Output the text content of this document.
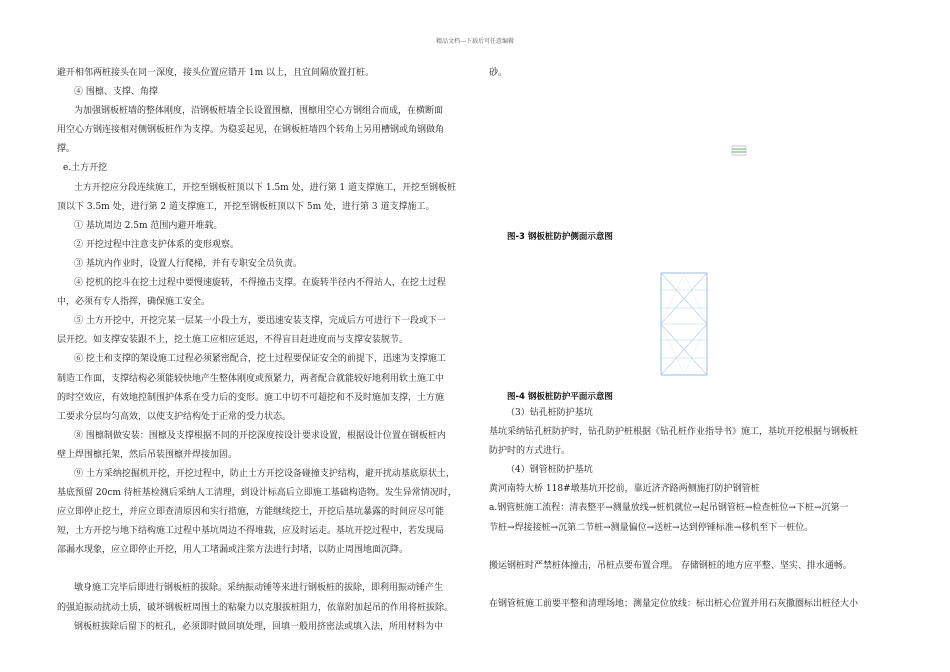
精品文档---下载后可任意编辑

避开相邻两桩接头在同一深度，接头位置应错开 1m 以上，且宜间隔放置打桩。

④ 围檩、支撑、角撑

为加强钢板桩墙的整体刚度，沿钢板桩墙全长设置围檩，围檩用空心方钢组合而成，在横断面

用空心方钢连接相对侧钢板桩作为支撑。为稳妥起见，在钢板桩墙四个转角上另用槽钢或角钢做角

撑。

e.土方开挖

土方开挖应分段连续施工，开挖至钢板桩顶以下 1.5m 处，进行第 1 道支撑施工，开挖至钢板桩

顶以下 3.5m 处，进行第 2 道支撑施工，开挖至钢板桩顶以下 5m 处，进行第 3 道支撑施工。

① 基坑周边 2.5m 范围内避开堆载。

② 开挖过程中注意支护体系的变形观察。

③ 基坑内作业时，设置人行爬梯，并有专职安全员负责。

④ 挖机的挖斗在挖土过程中要慢速旋转，不得撞击支撑。在旋转半径内不得站人，在挖土过程

中，必须有专人指挥，确保施工安全。

⑤ 土方开挖中，开挖完某一层某一小段土方，要迅速安装支撑，完成后方可进行下一段或下一

层开挖。如支撑安装跟不上，挖土施工应相应延迟，不得盲目赶进度而与支撑安装脱节。

⑥ 挖土和支撑的架设施工过程必须紧密配合，挖土过程要保证安全的前提下，迅速为支撑施工

制造工作面，支撑结构必须能较快地产生整体刚度或预紧力，两者配合就能较好地利用软土施工中

的时空效应，有效地控制围护体系在受力后的变形。施工中切不可超挖和不及时施加支撑，土方施

工要求分层均匀高效，以使支护结构处于正常的受力状态。

⑧ 围檩制做安装：围檩及支撑根据不同的开挖深度按设计要求设置，根据设计位置在钢板桩内

壁上焊围檩托架，然后吊装围檩并焊接加固。

⑨ 土方采纳挖掘机开挖，开挖过程中，防止土方开挖设备碰撞支护结构，避开扰动基底原状土，

基底预留 20cm 待桩基检测后采纳人工清理，到设计标高后立即施工基础构造物。发生异常情况时，

应立即停止挖土，并应立即查清原因和实行措施，方能继续挖土，开挖后基坑暴露的时间应尽可能

短，土方开挖与地下结构施工过程中基坑周边不得堆载，应及时运走。基坑开挖过程中，若发现局

部漏水现象，应立即停止开挖，用人工堵漏或注浆方法进行封堵，以防止周围地面沉降。

墩身施工完毕后即进行钢板桩的拔除。采纳振动锤等来进行钢板桩的拔除，即利用振动锤产生

的强迫振动扰动土质，破坏钢板桩周围土的粘聚力以克服拔桩阻力，依靠附加起吊的作用将桩拔除。

钢板桩拔除后留下的桩孔，必须即时做回填处理，回填一般用挤密法或填入法，所用材料为中

砂。

图-3 钢板桩防护侧面示意图
图-4 钢板桩防护平面示意图

（3）钻孔桩防护基坑

基坑采纳钻孔桩防护时，钻孔防护桩根据《钻孔桩作业指导书》施工，基坑开挖根据与钢板桩

防护时的方式进行。

（4）钢管桩防护基坑

黄河南特大桥 118#墩基坑开挖前，靠近济齐路两侧施打防护钢管桩

a.钢管桩施工流程：清表整平→测量放线→桩机就位→起吊钢管桩→检查桩位→下桩→沉第一

节桩→焊接接桩→沉第二节桩→测量偏位→送桩→达到停锤标准→移机至下一桩位。

搬运钢桩时严禁桩体撞击，吊桩点要布置合理。 存储钢桩的地方应平整、坚实、排水通畅。

在钢管桩施工前要平整和清理场地；测量定位放线：标出桩心位置并用石灰撒圈标出桩径大小
